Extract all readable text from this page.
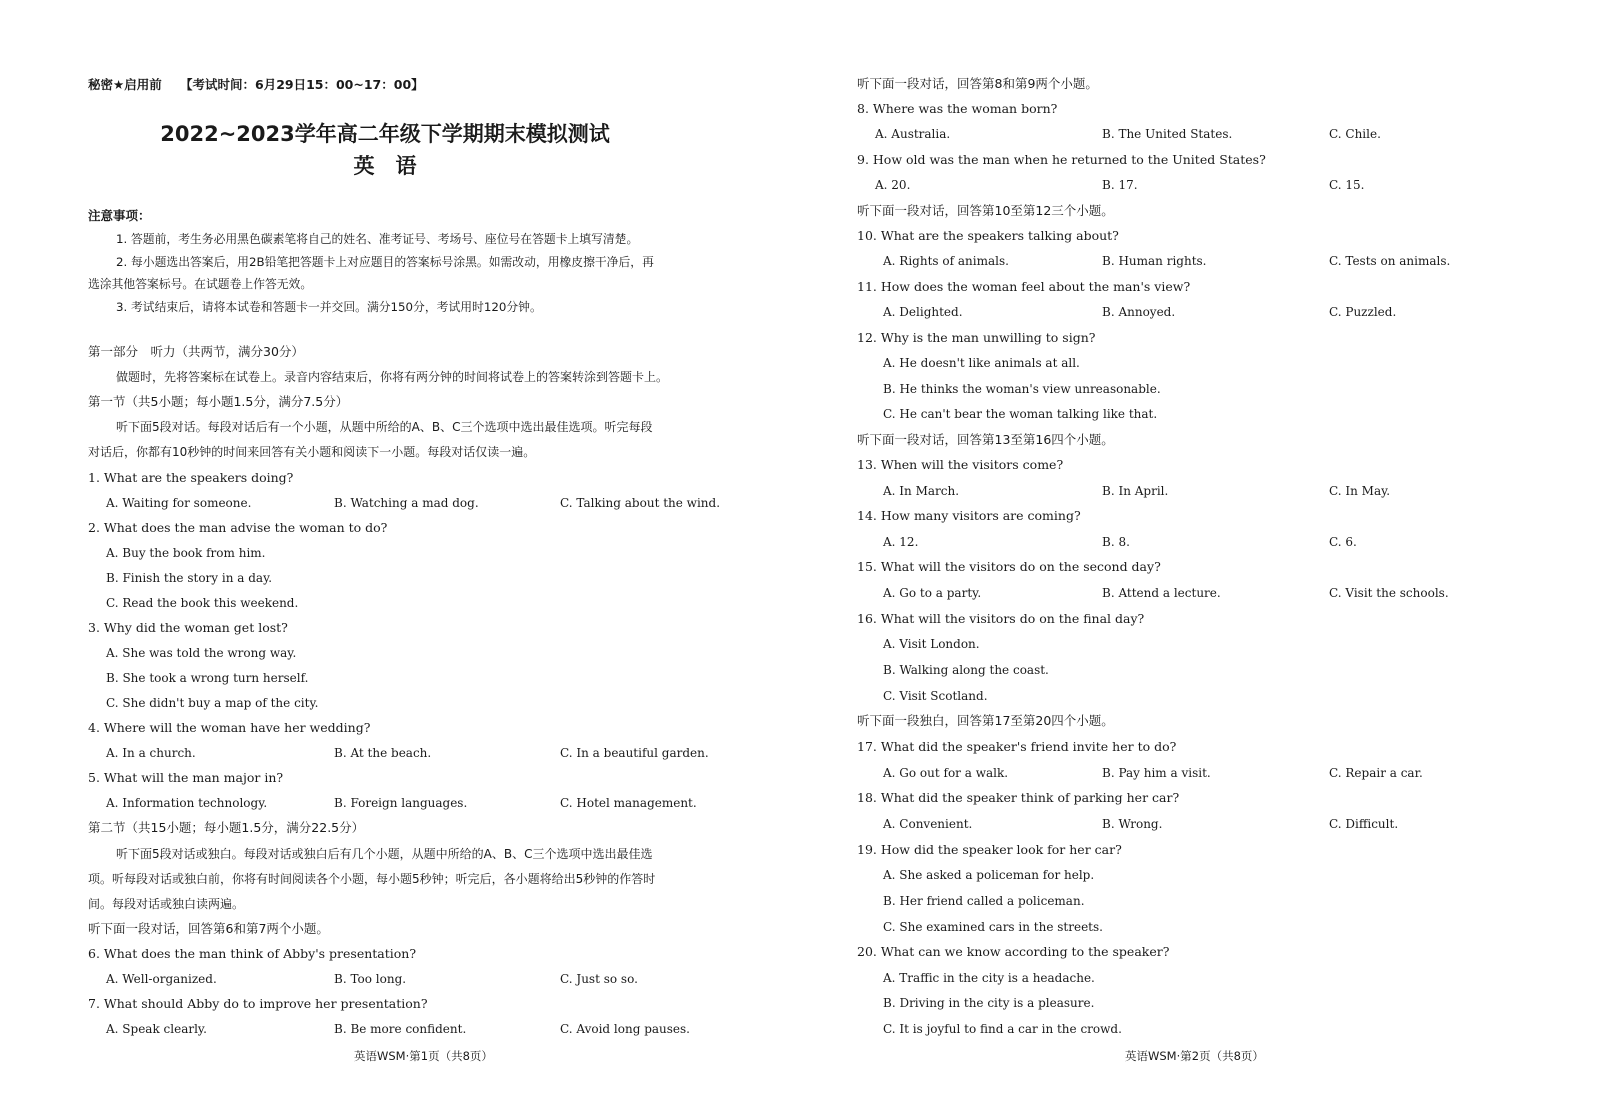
秘密★启用前 【考试时间：6月29日15：00~17：00】
2022~2023学年高二年级下学期期末模拟测试
英　语
注意事项：
1. 答题前，考生务必用黑色碳素笔将自己的姓名、准考证号、考场号、座位号在答题卡上填写清楚。
2. 每小题选出答案后，用2B铅笔把答题卡上对应题目的答案标号涂黑。如需改动，用橡皮擦干净后，再
选涂其他答案标号。在试题卷上作答无效。
3. 考试结束后，请将本试卷和答题卡一并交回。满分150分，考试用时120分钟。
第一部分　听力（共两节，满分30分）
做题时，先将答案标在试卷上。录音内容结束后，你将有两分钟的时间将试卷上的答案转涂到答题卡上。
第一节（共5小题；每小题1.5分，满分7.5分）
听下面5段对话。每段对话后有一个小题，从题中所给的A、B、C三个选项中选出最佳选项。听完每段
对话后，你都有10秒钟的时间来回答有关小题和阅读下一小题。每段对话仅读一遍。
1. What are the speakers doing?
A. Waiting for someone.	B. Watching a mad dog.	C. Talking about the wind.
2. What does the man advise the woman to do?
A. Buy the book from him.
B. Finish the story in a day.
C. Read the book this weekend.
3. Why did the woman get lost?
A. She was told the wrong way.
B. She took a wrong turn herself.
C. She didn't buy a map of the city.
4. Where will the woman have her wedding?
A. In a church.	B. At the beach.	C. In a beautiful garden.
5. What will the man major in?
A. Information technology.	B. Foreign languages.	C. Hotel management.
第二节（共15小题；每小题1.5分，满分22.5分）
听下面5段对话或独白。每段对话或独白后有几个小题，从题中所给的A、B、C三个选项中选出最佳选
项。听每段对话或独白前，你将有时间阅读各个小题，每小题5秒钟；听完后，各小题将给出5秒钟的作答时
间。每段对话或独白读两遍。
听下面一段对话，回答第6和第7两个小题。
6. What does the man think of Abby's presentation?
A. Well-organized.	B. Too long.	C. Just so so.
7. What should Abby do to improve her presentation?
A. Speak clearly.	B. Be more confident.	C. Avoid long pauses.
英语WSM·第1页（共8页）
听下面一段对话，回答第8和第9两个小题。
8. Where was the woman born?
A. Australia.	B. The United States.	C. Chile.
9. How old was the man when he returned to the United States?
A. 20.	B. 17.	C. 15.
听下面一段对话，回答第10至第12三个小题。
10. What are the speakers talking about?
A. Rights of animals.	B. Human rights.	C. Tests on animals.
11. How does the woman feel about the man's view?
A. Delighted.	B. Annoyed.	C. Puzzled.
12. Why is the man unwilling to sign?
A. He doesn't like animals at all.
B. He thinks the woman's view unreasonable.
C. He can't bear the woman talking like that.
听下面一段对话，回答第13至第16四个小题。
13. When will the visitors come?
A. In March.	B. In April.	C. In May.
14. How many visitors are coming?
A. 12.	B. 8.	C. 6.
15. What will the visitors do on the second day?
A. Go to a party.	B. Attend a lecture.	C. Visit the schools.
16. What will the visitors do on the final day?
A. Visit London.
B. Walking along the coast.
C. Visit Scotland.
听下面一段独白，回答第17至第20四个小题。
17. What did the speaker's friend invite her to do?
A. Go out for a walk.	B. Pay him a visit.	C. Repair a car.
18. What did the speaker think of parking her car?
A. Convenient.	B. Wrong.	C. Difficult.
19. How did the speaker look for her car?
A. She asked a policeman for help.
B. Her friend called a policeman.
C. She examined cars in the streets.
20. What can we know according to the speaker?
A. Traffic in the city is a headache.
B. Driving in the city is a pleasure.
C. It is joyful to find a car in the crowd.
英语WSM·第2页（共8页）
